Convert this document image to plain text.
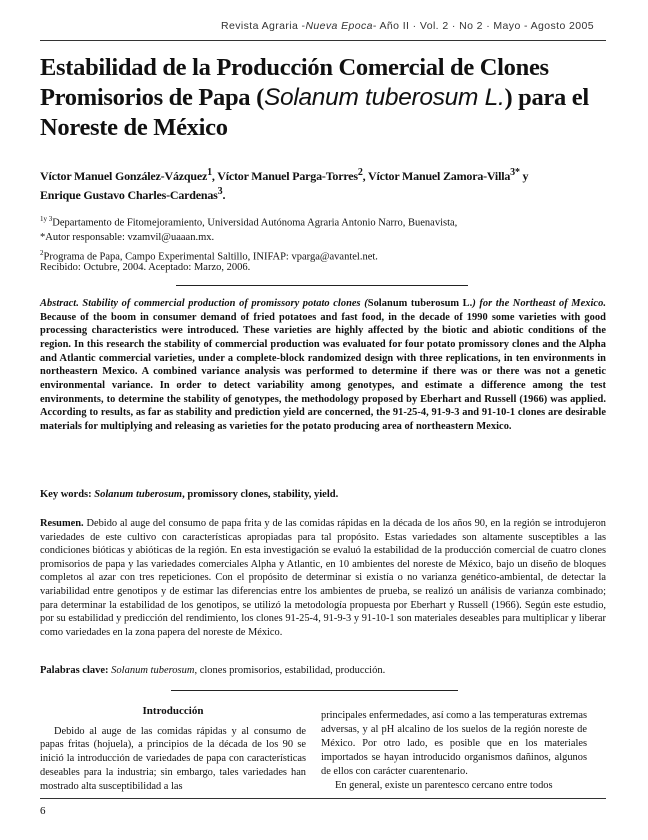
Revista Agraria -Nueva Epoca- Año II · Vol. 2 · No 2 · Mayo - Agosto 2005
Estabilidad de la Producción Comercial de Clones Promisorios de Papa (Solanum tuberosum L.) para el Noreste de México
Víctor Manuel González-Vázquez$^1$, Víctor Manuel Parga-Torres$^2$, Víctor Manuel Zamora-Villa$^{3*}$ y
Enrique Gustavo Charles-Cardenas$^3$.
$^{1y 3}$Departamento de Fitomejoramiento, Universidad Autónoma Agraria Antonio Narro, Buenavista,
*Autor responsable: vzamvil@uaaan.mx.
$^2$Programa de Papa, Campo Experimental Saltillo, INIFAP: vparga@avantel.net.
Recibido: Octubre, 2004. Aceptado: Marzo, 2006.
Abstract. Stability of commercial production of promissory potato clones (Solanum tuberosum L.) for the Northeast of Mexico. Because of the boom in consumer demand of fried potatoes and fast food, in the decade of 1990 some varieties with good processing characteristics were introduced. These varieties are highly affected by the biotic and abiotic conditions of the region. In this research the stability of commercial production was evaluated for four potato promissory clones and the Alpha and Atlantic commercial varieties, under a complete-block randomized design with three replications, in ten environments in northeastern Mexico. A combined variance analysis was performed to determine if there was or there was not a genetic environmental variance. In order to detect variability among genotypes, and estimate a difference among the test environments, to determine the stability of genotypes, the methodology proposed by Eberhart and Russell (1966) was applied. According to results, as far as stability and prediction yield are concerned, the 91-25-4, 91-9-3 and 91-10-1 clones are desirable materials for multiplying and releasing as varieties for the potato producing area of northeastern Mexico.
Key words: Solanum tuberosum, promissory clones, stability, yield.
Resumen. Debido al auge del consumo de papa frita y de las comidas rápidas en la década de los años 90, en la región se introdujeron variedades de este cultivo con características apropiadas para tal propósito. Estas variedades son altamente susceptibles a las condiciones bióticas y abióticas de la región. En esta investigación se evaluó la estabilidad de la producción comercial de cuatro clones promisorios de papa y las variedades comerciales Alpha y Atlantic, en 10 ambientes del noreste de México, bajo un diseño de bloques completos al azar con tres repeticiones. Con el propósito de determinar si existía o no varianza genético-ambiental, de detectar la variabilidad entre genotipos y de estimar las diferencias entre los ambientes de prueba, se realizó un análisis de varianza combinado; para determinar la estabilidad de los genotipos, se utilizó la metodología propuesta por Eberhart y Russell (1966). Según este estudio, por su estabilidad y predicción del rendimiento, los clones 91-25-4, 91-9-3 y 91-10-1 son materiales deseables para multiplicar y liberar como variedades en la zona papera del noreste de México.
Palabras clave: Solanum tuberosum, clones promisorios, estabilidad, producción.
Introducción

Debido al auge de las comidas rápidas y al consumo de papas fritas (hojuela), a principios de la década de los 90 se inició la introducción de variedades de papa con características deseables para la industria; sin embargo, tales variedades han mostrado alta susceptibilidad a las

principales enfermedades, así como a las temperaturas extremas adversas, y al pH alcalino de los suelos de la región noreste de México. Por otro lado, es posible que en los materiales importados se hayan introducido organismos dañinos, algunos de ellos con carácter cuarentenario.

En general, existe un parentesco cercano entre todos

6
